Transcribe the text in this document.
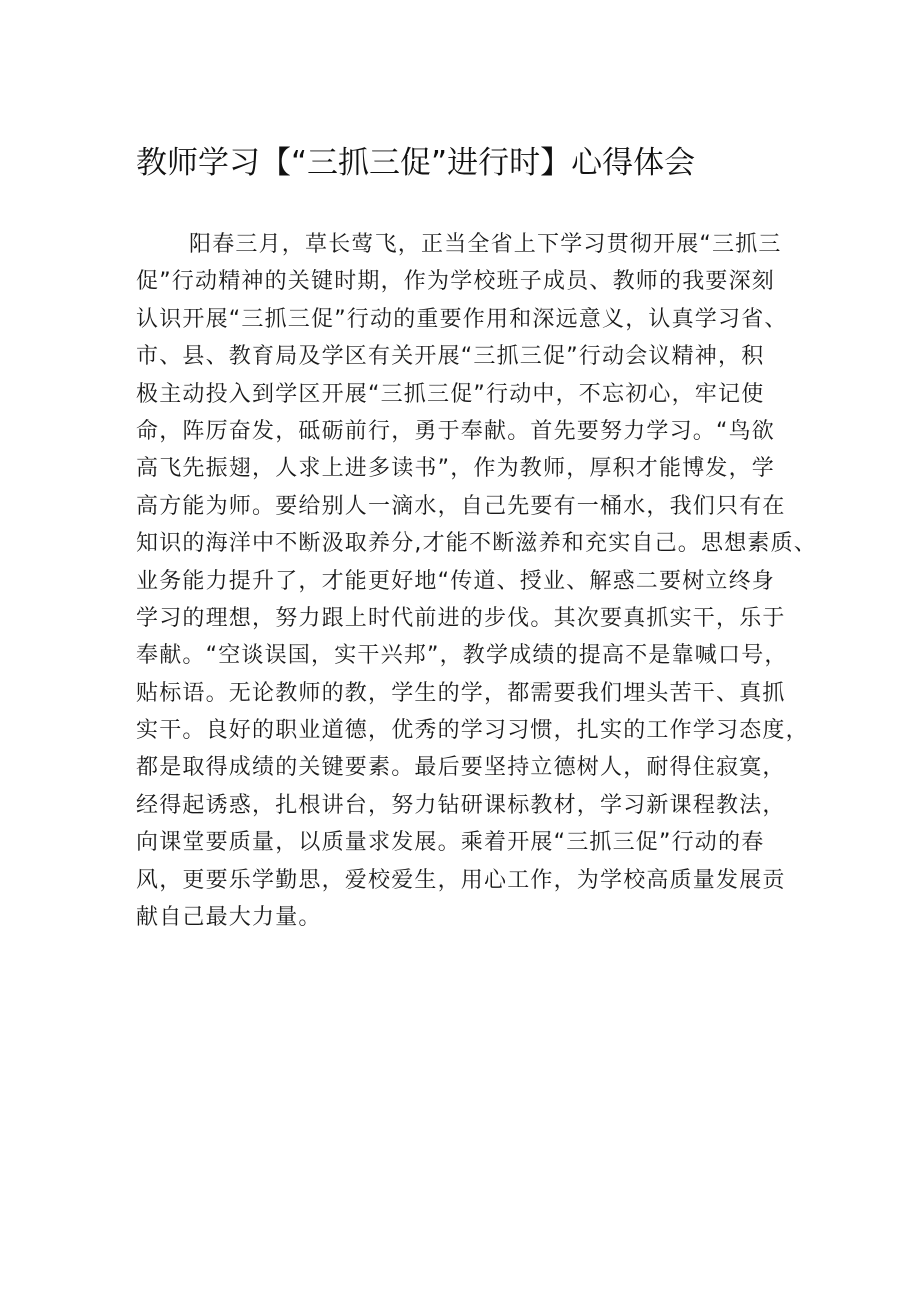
教师学习【“三抓三促”进行时】心得体会
阳春三月，草长莺飞，正当全省上下学习贯彻开展“三抓三
促”行动精神的关键时期，作为学校班子成员、教师的我要深刻
认识开展“三抓三促”行动的重要作用和深远意义，认真学习省、
市、县、教育局及学区有关开展“三抓三促”行动会议精神，积
极主动投入到学区开展“三抓三促”行动中，不忘初心，牢记使
命，阵厉奋发，砥砺前行，勇于奉献。首先要努力学习。“鸟欲
高飞先振翅，人求上进多读书”，作为教师，厚积才能博发，学
高方能为师。要给别人一滴水，自己先要有一桶水，我们只有在
知识的海洋中不断汲取养分,才能不断滋养和充实自己。思想素质、
业务能力提升了，才能更好地“传道、授业、解惑二要树立终身
学习的理想，努力跟上时代前进的步伐。其次要真抓实干，乐于
奉献。“空谈误国，实干兴邦”，教学成绩的提高不是靠喊口号，
贴标语。无论教师的教，学生的学，都需要我们埋头苦干、真抓
实干。良好的职业道德，优秀的学习习惯，扎实的工作学习态度，
都是取得成绩的关键要素。最后要坚持立德树人，耐得住寂寞，
经得起诱惑，扎根讲台，努力钻研课标教材，学习新课程教法，
向课堂要质量，以质量求发展。乘着开展“三抓三促”行动的春
风，更要乐学勤思，爱校爱生，用心工作，为学校高质量发展贡
献自己最大力量。
